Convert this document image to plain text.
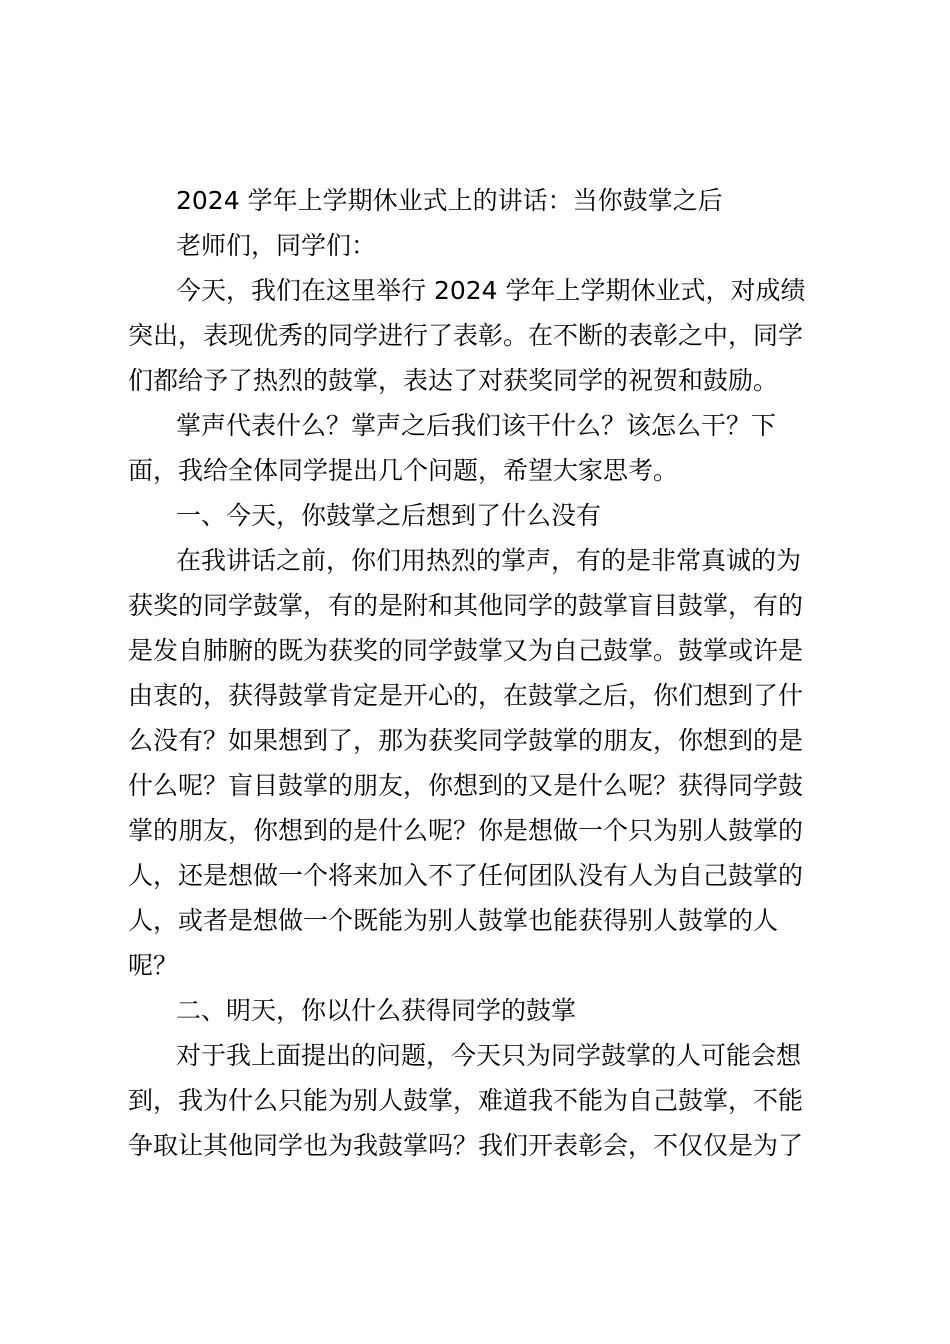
2024 学年上学期休业式上的讲话：当你鼓掌之后
老师们，同学们：
今天，我们在这里举行 2024 学年上学期休业式，对成绩
突出，表现优秀的同学进行了表彰。在不断的表彰之中，同学
们都给予了热烈的鼓掌，表达了对获奖同学的祝贺和鼓励。
掌声代表什么？掌声之后我们该干什么？该怎么干？下
面，我给全体同学提出几个问题，希望大家思考。
一、今天，你鼓掌之后想到了什么没有
在我讲话之前，你们用热烈的掌声，有的是非常真诚的为
获奖的同学鼓掌，有的是附和其他同学的鼓掌盲目鼓掌，有的
是发自肺腑的既为获奖的同学鼓掌又为自己鼓掌。鼓掌或许是
由衷的，获得鼓掌肯定是开心的，在鼓掌之后，你们想到了什
么没有？如果想到了，那为获奖同学鼓掌的朋友，你想到的是
什么呢？盲目鼓掌的朋友，你想到的又是什么呢？获得同学鼓
掌的朋友，你想到的是什么呢？你是想做一个只为别人鼓掌的
人，还是想做一个将来加入不了任何团队没有人为自己鼓掌的
人，或者是想做一个既能为别人鼓掌也能获得别人鼓掌的人
呢？
二、明天，你以什么获得同学的鼓掌
对于我上面提出的问题，今天只为同学鼓掌的人可能会想
到，我为什么只能为别人鼓掌，难道我不能为自己鼓掌，不能
争取让其他同学也为我鼓掌吗？我们开表彰会，不仅仅是为了
